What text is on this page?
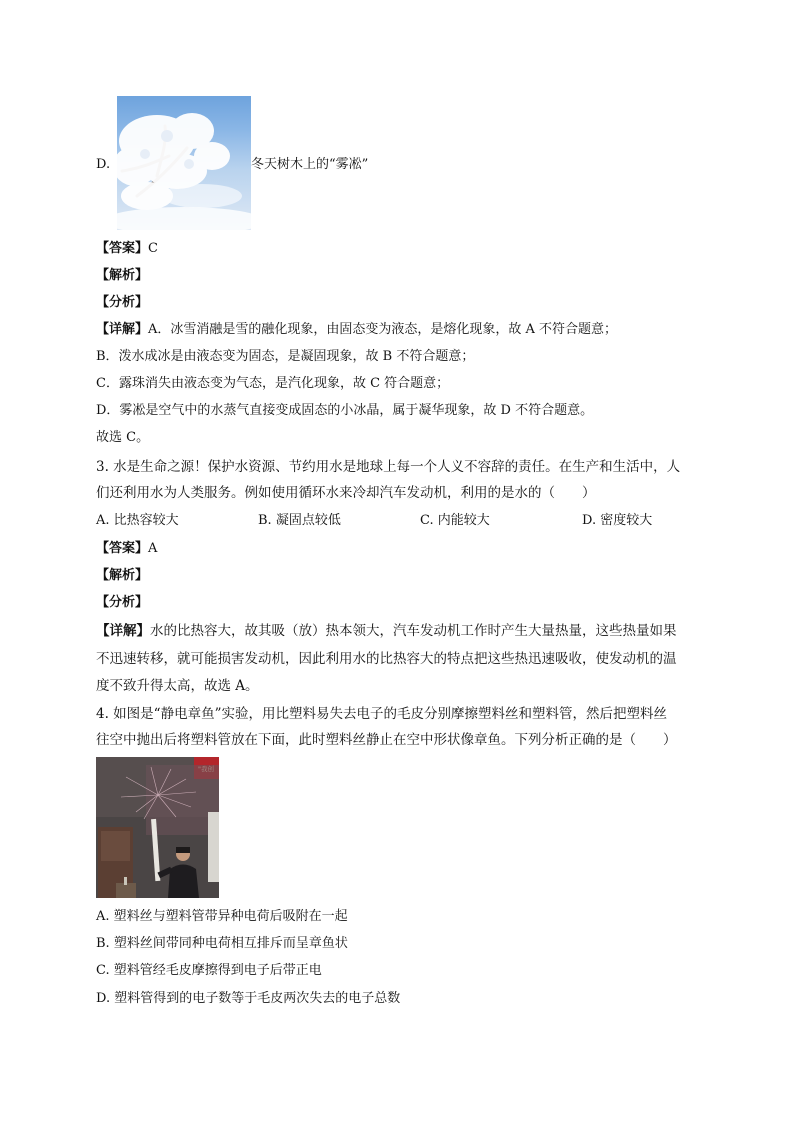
D.	冬天树木上的“雾凇”
【答案】C
【解析】
【分析】
【详解】A．冰雪消融是雪的融化现象，由固态变为液态，是熔化现象，故 A 不符合题意；
B．泼水成冰是由液态变为固态，是凝固现象，故 B 不符合题意；
C．露珠消失由液态变为气态，是汽化现象，故 C 符合题意；
D．雾凇是空气中的水蒸气直接变成固态的小冰晶，属于凝华现象，故 D 不符合题意。
故选 C。
3. 水是生命之源！保护水资源、节约用水是地球上每一个人义不容辞的责任。在生产和生活中，人
们还利用水为人类服务。例如使用循环水来冷却汽车发动机，利用的是水的（　　）
A. 比热容较大	B. 凝固点较低	C. 内能较大	D. 密度较大
【答案】A
【解析】
【分析】
【详解】水的比热容大，故其吸（放）热本领大，汽车发动机工作时产生大量热量，这些热量如果
不迅速转移，就可能损害发动机，因此利用水的比热容大的特点把这些热迅速吸收，使发动机的温
度不致升得太高，故选 A。
4. 如图是“静电章鱼”实验，用比塑料易失去电子的毛皮分别摩擦塑料丝和塑料管，然后把塑料丝
往空中抛出后将塑料管放在下面，此时塑料丝静止在空中形状像章鱼。下列分析正确的是（　　）
A. 塑料丝与塑料管带异种电荷后吸附在一起
B. 塑料丝间带同种电荷相互排斥而呈章鱼状
C. 塑料管经毛皮摩擦得到电子后带正电
D. 塑料管得到的电子数等于毛皮两次失去的电子总数
